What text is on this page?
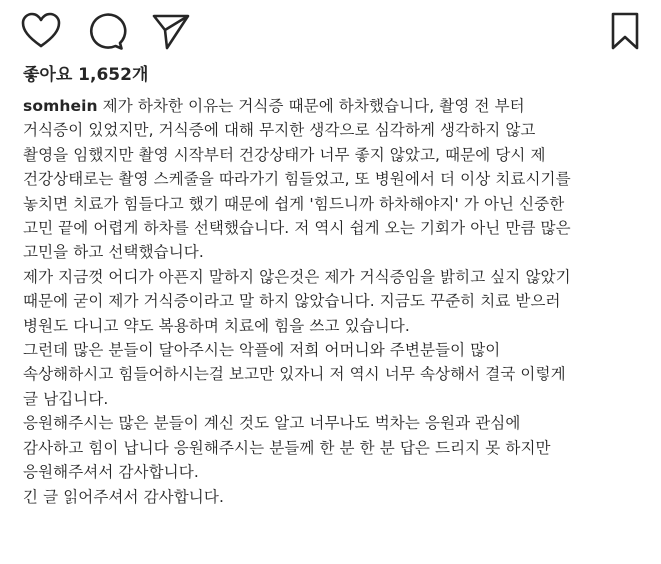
좋아요 1,652개

somhein 제가 하차한 이유는 거식증 때문에 하차했습니다, 촬영 전 부터
거식증이 있었지만, 거식증에 대해 무지한 생각으로 심각하게 생각하지 않고
촬영을 임했지만 촬영 시작부터 건강상태가 너무 좋지 않았고, 때문에 당시 제
건강상태로는 촬영 스케줄을 따라가기 힘들었고, 또 병원에서 더 이상 치료시기를
놓치면 치료가 힘들다고 했기 때문에 쉽게 '힘드니까 하차해야지' 가 아닌 신중한
고민 끝에 어렵게 하차를 선택했습니다. 저 역시 쉽게 오는 기회가 아닌 만큼 많은
고민을 하고 선택했습니다.
제가 지금껏 어디가 아픈지 말하지 않은것은 제가 거식증임을 밝히고 싶지 않았기
때문에 굳이 제가 거식증이라고 말 하지 않았습니다. 지금도 꾸준히 치료 받으러
병원도 다니고 약도 복용하며 치료에 힘을 쓰고 있습니다.
그런데 많은 분들이 달아주시는 악플에 저희 어머니와 주변분들이 많이
속상해하시고 힘들어하시는걸 보고만 있자니 저 역시 너무 속상해서 결국 이렇게
글 남깁니다.
응원해주시는 많은 분들이 계신 것도 알고 너무나도 벅차는 응원과 관심에
감사하고 힘이 납니다 응원해주시는 분들께 한 분 한 분 답은 드리지 못 하지만
응원해주셔서 감사합니다.
긴 글 읽어주셔서 감사합니다.
